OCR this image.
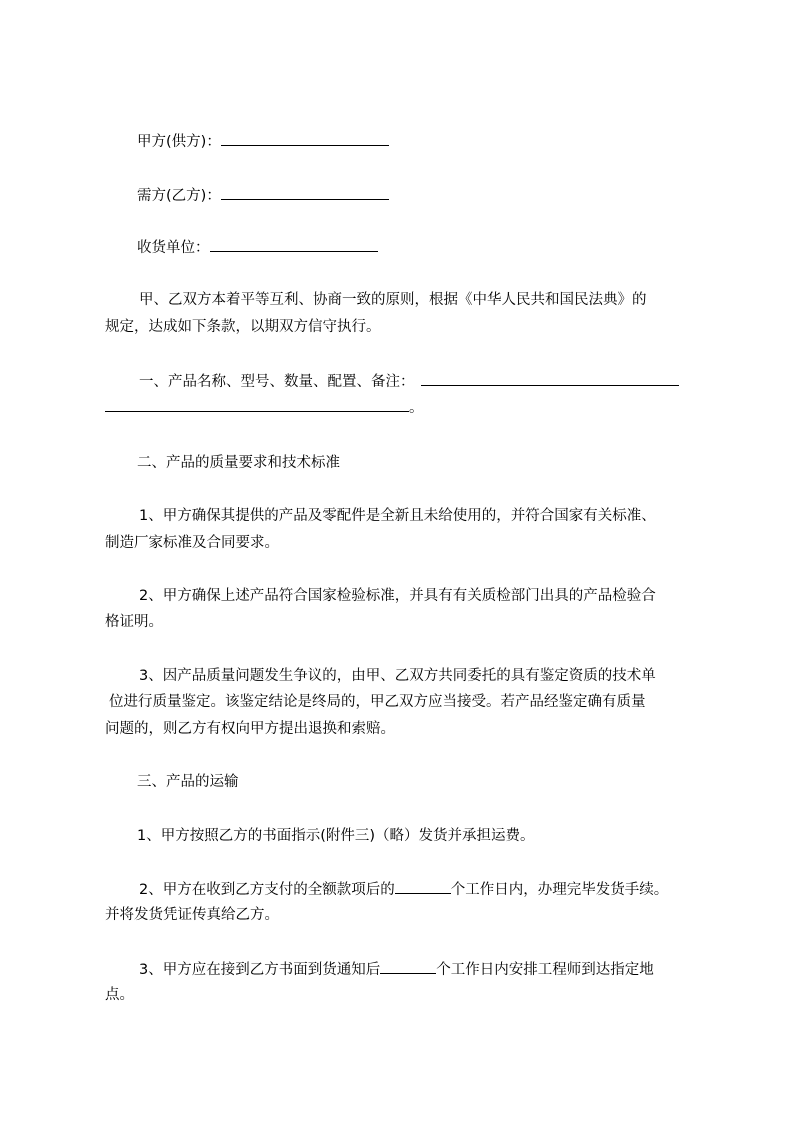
甲方(供方)：
需方(乙方)：
收货单位：
甲、乙双方本着平等互利、协商一致的原则，根据《中华人民共和国民法典》的
规定，达成如下条款，以期双方信守执行。
一、产品名称、型号、数量、配置、备注：
。
二、产品的质量要求和技术标准
1、甲方确保其提供的产品及零配件是全新且未给使用的，并符合国家有关标准、
制造厂家标准及合同要求。
2、甲方确保上述产品符合国家检验标准，并具有有关质检部门出具的产品检验合
格证明。
3、因产品质量问题发生争议的，由甲、乙双方共同委托的具有鉴定资质的技术单
位进行质量鉴定。该鉴定结论是终局的，甲乙双方应当接受。若产品经鉴定确有质量
问题的，则乙方有权向甲方提出退换和索赔。
三、产品的运输
1、甲方按照乙方的书面指示(附件三)（略）发货并承担运费。
2、甲方在收到乙方支付的全额款项后的	个工作日内，办理完毕发货手续。
并将发货凭证传真给乙方。
3、甲方应在接到乙方书面到货通知后	个工作日内安排工程师到达指定地
点。
